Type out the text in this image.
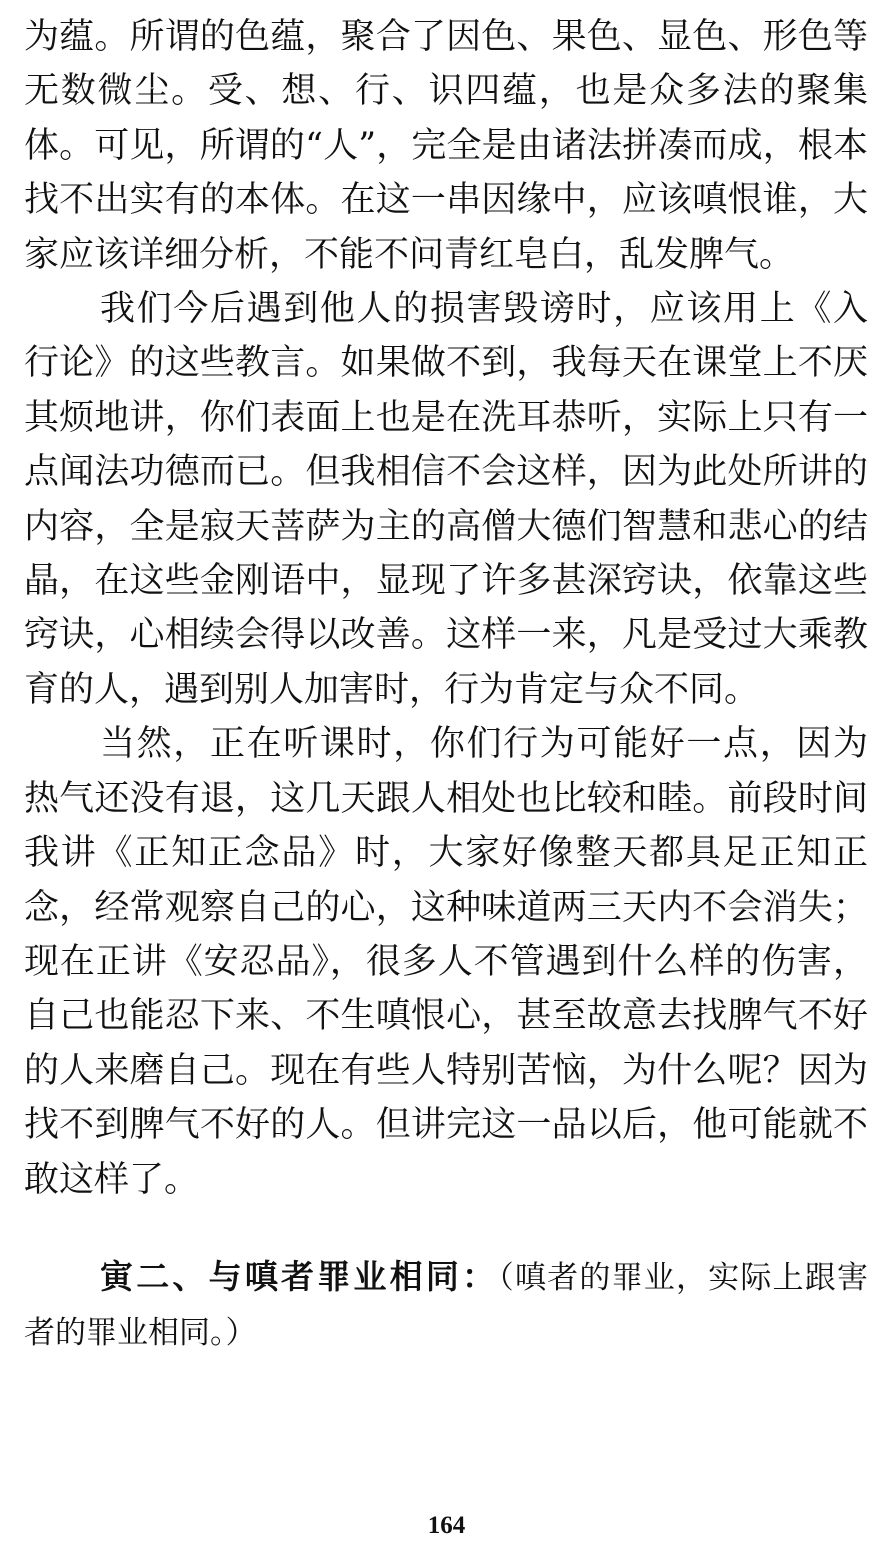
为蕴。所谓的色蕴，聚合了因色、果色、显色、形色等无数微尘。受、想、行、识四蕴，也是众多法的聚集体。可见，所谓的“人”，完全是由诸法拼凑而成，根本找不出实有的本体。在这一串因缘中，应该嗔恨谁，大家应该详细分析，不能不问青红皂白，乱发脾气。

我们今后遇到他人的损害毁谤时，应该用上《入行论》的这些教言。如果做不到，我每天在课堂上不厌其烦地讲，你们表面上也是在洗耳恭听，实际上只有一点闻法功德而已。但我相信不会这样，因为此处所讲的内容，全是寂天菩萨为主的高僧大德们智慧和悲心的结晶，在这些金刚语中，显现了许多甚深窍诀，依靠这些窍诀，心相续会得以改善。这样一来，凡是受过大乘教育的人，遇到别人加害时，行为肯定与众不同。

当然，正在听课时，你们行为可能好一点，因为热气还没有退，这几天跟人相处也比较和睦。前段时间我讲《正知正念品》时，大家好像整天都具足正知正念，经常观察自己的心，这种味道两三天内不会消失；现在正讲《安忍品》，很多人不管遇到什么样的伤害，自己也能忍下来、不生嗔恨心，甚至故意去找脾气不好的人来磨自己。现在有些人特别苦恼，为什么呢？因为找不到脾气不好的人。但讲完这一品以后，他可能就不敢这样了。

寅二、与嗔者罪业相同：（嗔者的罪业，实际上跟害者的罪业相同。）

164
